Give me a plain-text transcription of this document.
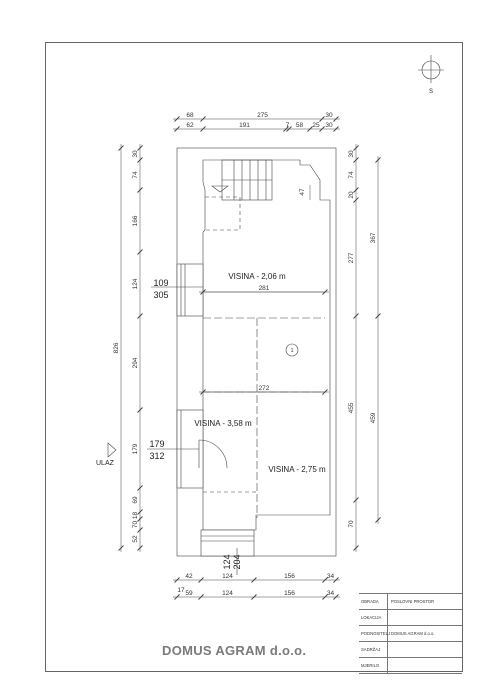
S
ULAZ
VISINA - 2,06 m
VISINA - 3,58 m
VISINA - 2,75 m
1
109
305
179
312
124 204
68	275	30
62	191	7 58 25 30
826
30
74
166
124
294
179
69
18
70
52
30
74
20
277
455
70
367
459
281
272
47
42	124	156	34
59	124	156	34
17
DOMUS AGRAM d.o.o.
OBRADA	POSLOVNI PROSTOR
LOKACIJA
PODNOSITELJ DOMUS AGRAM d.o.o.
SADRŽAJ
MJERILO
